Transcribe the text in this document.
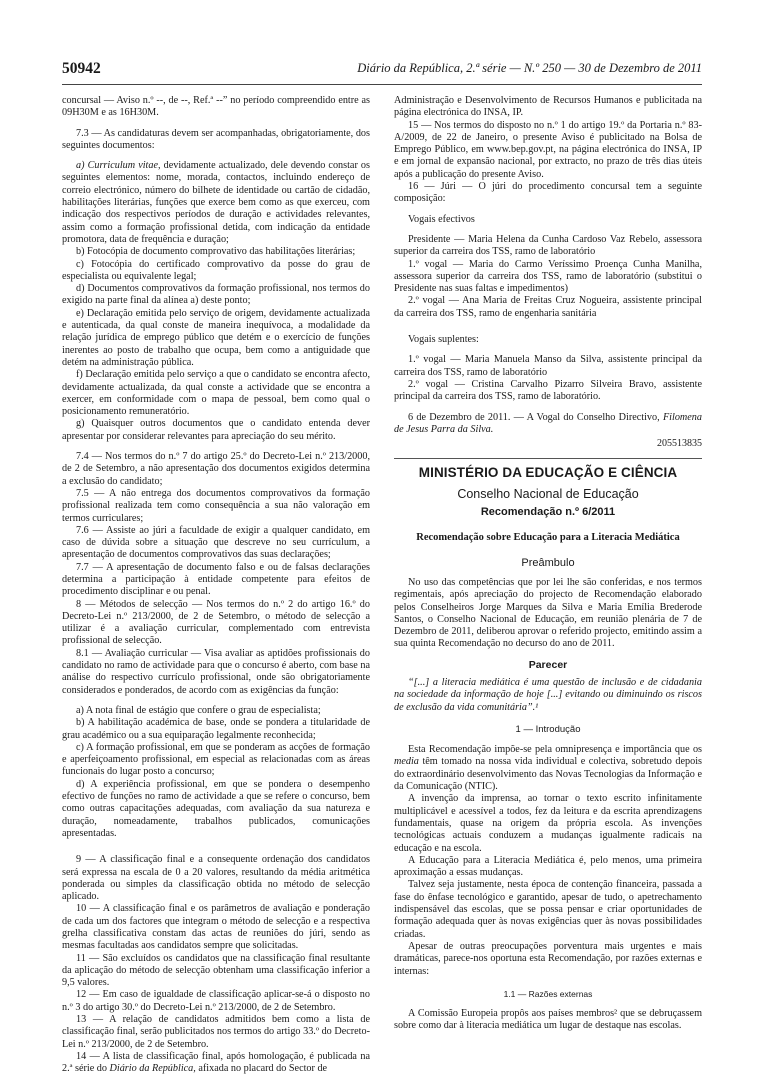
50942	Diário da República, 2.ª série — N.º 250 — 30 de Dezembro de 2011

concursal — Aviso n.º --, de --, Ref.ª --” no período compreendido entre as 09H30M e as 16H30M.

7.3 — As candidaturas devem ser acompanhadas, obrigatoriamente, dos seguintes documentos:

a) Curriculum vitae, devidamente actualizado, dele devendo constar os seguintes elementos: nome, morada, contactos, incluindo endereço de correio electrónico, número do bilhete de identidade ou cartão de cidadão, habilitações literárias, funções que exerce bem como as que exerceu, com indicação dos respectivos períodos de duração e actividades relevantes, assim como a formação profissional detida, com indicação da entidade promotora, data de frequência e duração;

b) Fotocópia de documento comprovativo das habilitações literárias;

c) Fotocópia do certificado comprovativo da posse do grau de especialista ou equivalente legal;

d) Documentos comprovativos da formação profissional, nos termos do exigido na parte final da alínea a) deste ponto;

e) Declaração emitida pelo serviço de origem, devidamente actualizada e autenticada, da qual conste de maneira inequívoca, a modalidade da relação jurídica de emprego público que detém e o exercício de funções inerentes ao posto de trabalho que ocupa, bem como a antiguidade que detém na administração pública.

f) Declaração emitida pelo serviço a que o candidato se encontra afecto, devidamente actualizada, da qual conste a actividade que se encontra a exercer, em conformidade com o mapa de pessoal, bem como qual o posicionamento remuneratório.

g) Quaisquer outros documentos que o candidato entenda dever apresentar por considerar relevantes para apreciação do seu mérito.

7.4 — Nos termos do n.º 7 do artigo 25.º do Decreto-Lei n.º 213/2000, de 2 de Setembro, a não apresentação dos documentos exigidos determina a exclusão do candidato;

7.5 — A não entrega dos documentos comprovativos da formação profissional realizada tem como consequência a sua não valoração em termos curriculares;

7.6 — Assiste ao júri a faculdade de exigir a qualquer candidato, em caso de dúvida sobre a situação que descreve no seu currículum, a apresentação de documentos comprovativos das suas declarações;

7.7 — A apresentação de documento falso e ou de falsas declarações determina a participação à entidade competente para efeitos de procedimento disciplinar e ou penal.

8 — Métodos de selecção — Nos termos do n.º 2 do artigo 16.º do Decreto-Lei n.º 213/2000, de 2 de Setembro, o método de selecção a utilizar é a avaliação curricular, complementado com entrevista profissional de selecção.

8.1 — Avaliação curricular — Visa avaliar as aptidões profissionais do candidato no ramo de actividade para que o concurso é aberto, com base na análise do respectivo currículo profissional, onde são obrigatoriamente considerados e ponderados, de acordo com as exigências da função:

a) A nota final de estágio que confere o grau de especialista;

b) A habilitação académica de base, onde se pondera a titularidade de grau académico ou a sua equiparação legalmente reconhecida;

c) A formação profissional, em que se ponderam as acções de formação e aperfeiçoamento profissional, em especial as relacionadas com as áreas funcionais do lugar posto a concurso;

d) A experiência profissional, em que se pondera o desempenho efectivo de funções no ramo de actividade a que se refere o concurso, bem como outras capacitações adequadas, com avaliação da sua natureza e duração, nomeadamente, trabalhos publicados, comunicações apresentadas.

9 — A classificação final e a consequente ordenação dos candidatos será expressa na escala de 0 a 20 valores, resultando da média aritmética ponderada ou simples da classificação obtida no método de selecção aplicado.

10 — A classificação final e os parâmetros de avaliação e ponderação de cada um dos factores que integram o método de selecção e a respectiva grelha classificativa constam das actas de reuniões do júri, sendo as mesmas facultadas aos candidatos sempre que solicitadas.

11 — São excluídos os candidatos que na classificação final resultante da aplicação do método de selecção obtenham uma classificação inferior a 9,5 valores.

12 — Em caso de igualdade de classificação aplicar-se-á o disposto no n.º 3 do artigo 30.º do Decreto-Lei n.º 213/2000, de 2 de Setembro.

13 — A relação de candidatos admitidos bem como a lista de classificação final, serão publicitados nos termos do artigo 33.º do Decreto-Lei n.º 213/2000, de 2 de Setembro.

14 — A lista de classificação final, após homologação, é publicada na 2.ª série do Diário da República, afixada no placard do Sector de

Administração e Desenvolvimento de Recursos Humanos e publicitada na página electrónica do INSA, IP.

15 — Nos termos do disposto no n.º 1 do artigo 19.º da Portaria n.º 83-A/2009, de 22 de Janeiro, o presente Aviso é publicitado na Bolsa de Emprego Público, em www.bep.gov.pt, na página electrónica do INSA, IP e em jornal de expansão nacional, por extracto, no prazo de três dias úteis após a publicação do presente Aviso.

16 — Júri — O júri do procedimento concursal tem a seguinte composição:

Vogais efectivos

Presidente — Maria Helena da Cunha Cardoso Vaz Rebelo, assessora superior da carreira dos TSS, ramo de laboratório

1.º vogal — Maria do Carmo Veríssimo Proença Cunha Manilha, assessora superior da carreira dos TSS, ramo de laboratório (substitui o Presidente nas suas faltas e impedimentos)

2.º vogal — Ana Maria de Freitas Cruz Nogueira, assistente principal da carreira dos TSS, ramo de engenharia sanitária

Vogais suplentes:

1.º vogal — Maria Manuela Manso da Silva, assistente principal da carreira dos TSS, ramo de laboratório

2.º vogal — Cristina Carvalho Pizarro Silveira Bravo, assistente principal da carreira dos TSS, ramo de laboratório.

6 de Dezembro de 2011. — A Vogal do Conselho Directivo, Filomena de Jesus Parra da Silva.

205513835
MINISTÉRIO DA EDUCAÇÃO E CIÊNCIA
Conselho Nacional de Educação
Recomendação n.º 6/2011
Recomendação sobre Educação para a Literacia Mediática
Preâmbulo

No uso das competências que por lei lhe são conferidas, e nos termos regimentais, após apreciação do projecto de Recomendação elaborado pelos Conselheiros Jorge Marques da Silva e Maria Emília Brederode Santos, o Conselho Nacional de Educação, em reunião plenária de 7 de Dezembro de 2011, deliberou aprovar o referido projecto, emitindo assim a sua quinta Recomendação no decurso do ano de 2011.

Parecer

“[...] a literacia mediática é uma questão de inclusão e de cidadania na sociedade da informação de hoje [...] evitando ou diminuindo os riscos de exclusão da vida comunitária”.¹

1 — Introdução

Esta Recomendação impõe-se pela omnipresença e importância que os media têm tomado na nossa vida individual e colectiva, sobretudo depois do extraordinário desenvolvimento das Novas Tecnologias da Informação e da Comunicação (NTIC).

A invenção da imprensa, ao tornar o texto escrito infinitamente multiplicável e acessível a todos, fez da leitura e da escrita aprendizagens fundamentais, quase na origem da própria escola. As invenções tecnológicas actuais conduzem a mudanças igualmente radicais na educação e na escola.

A Educação para a Literacia Mediática é, pelo menos, uma primeira aproximação a essas mudanças.

Talvez seja justamente, nesta época de contenção financeira, passada a fase do ênfase tecnológico e garantido, apesar de tudo, o apetrechamento indispensável das escolas, que se possa pensar e criar oportunidades de formação adequada quer às novas exigências quer às novas possibilidades criadas.

Apesar de outras preocupações porventura mais urgentes e mais dramáticas, parece-nos oportuna esta Recomendação, por razões externas e internas:

1.1 — Razões externas

A Comissão Europeia propôs aos países membros² que se debruçassem sobre como dar à literacia mediática um lugar de destaque nas escolas.
